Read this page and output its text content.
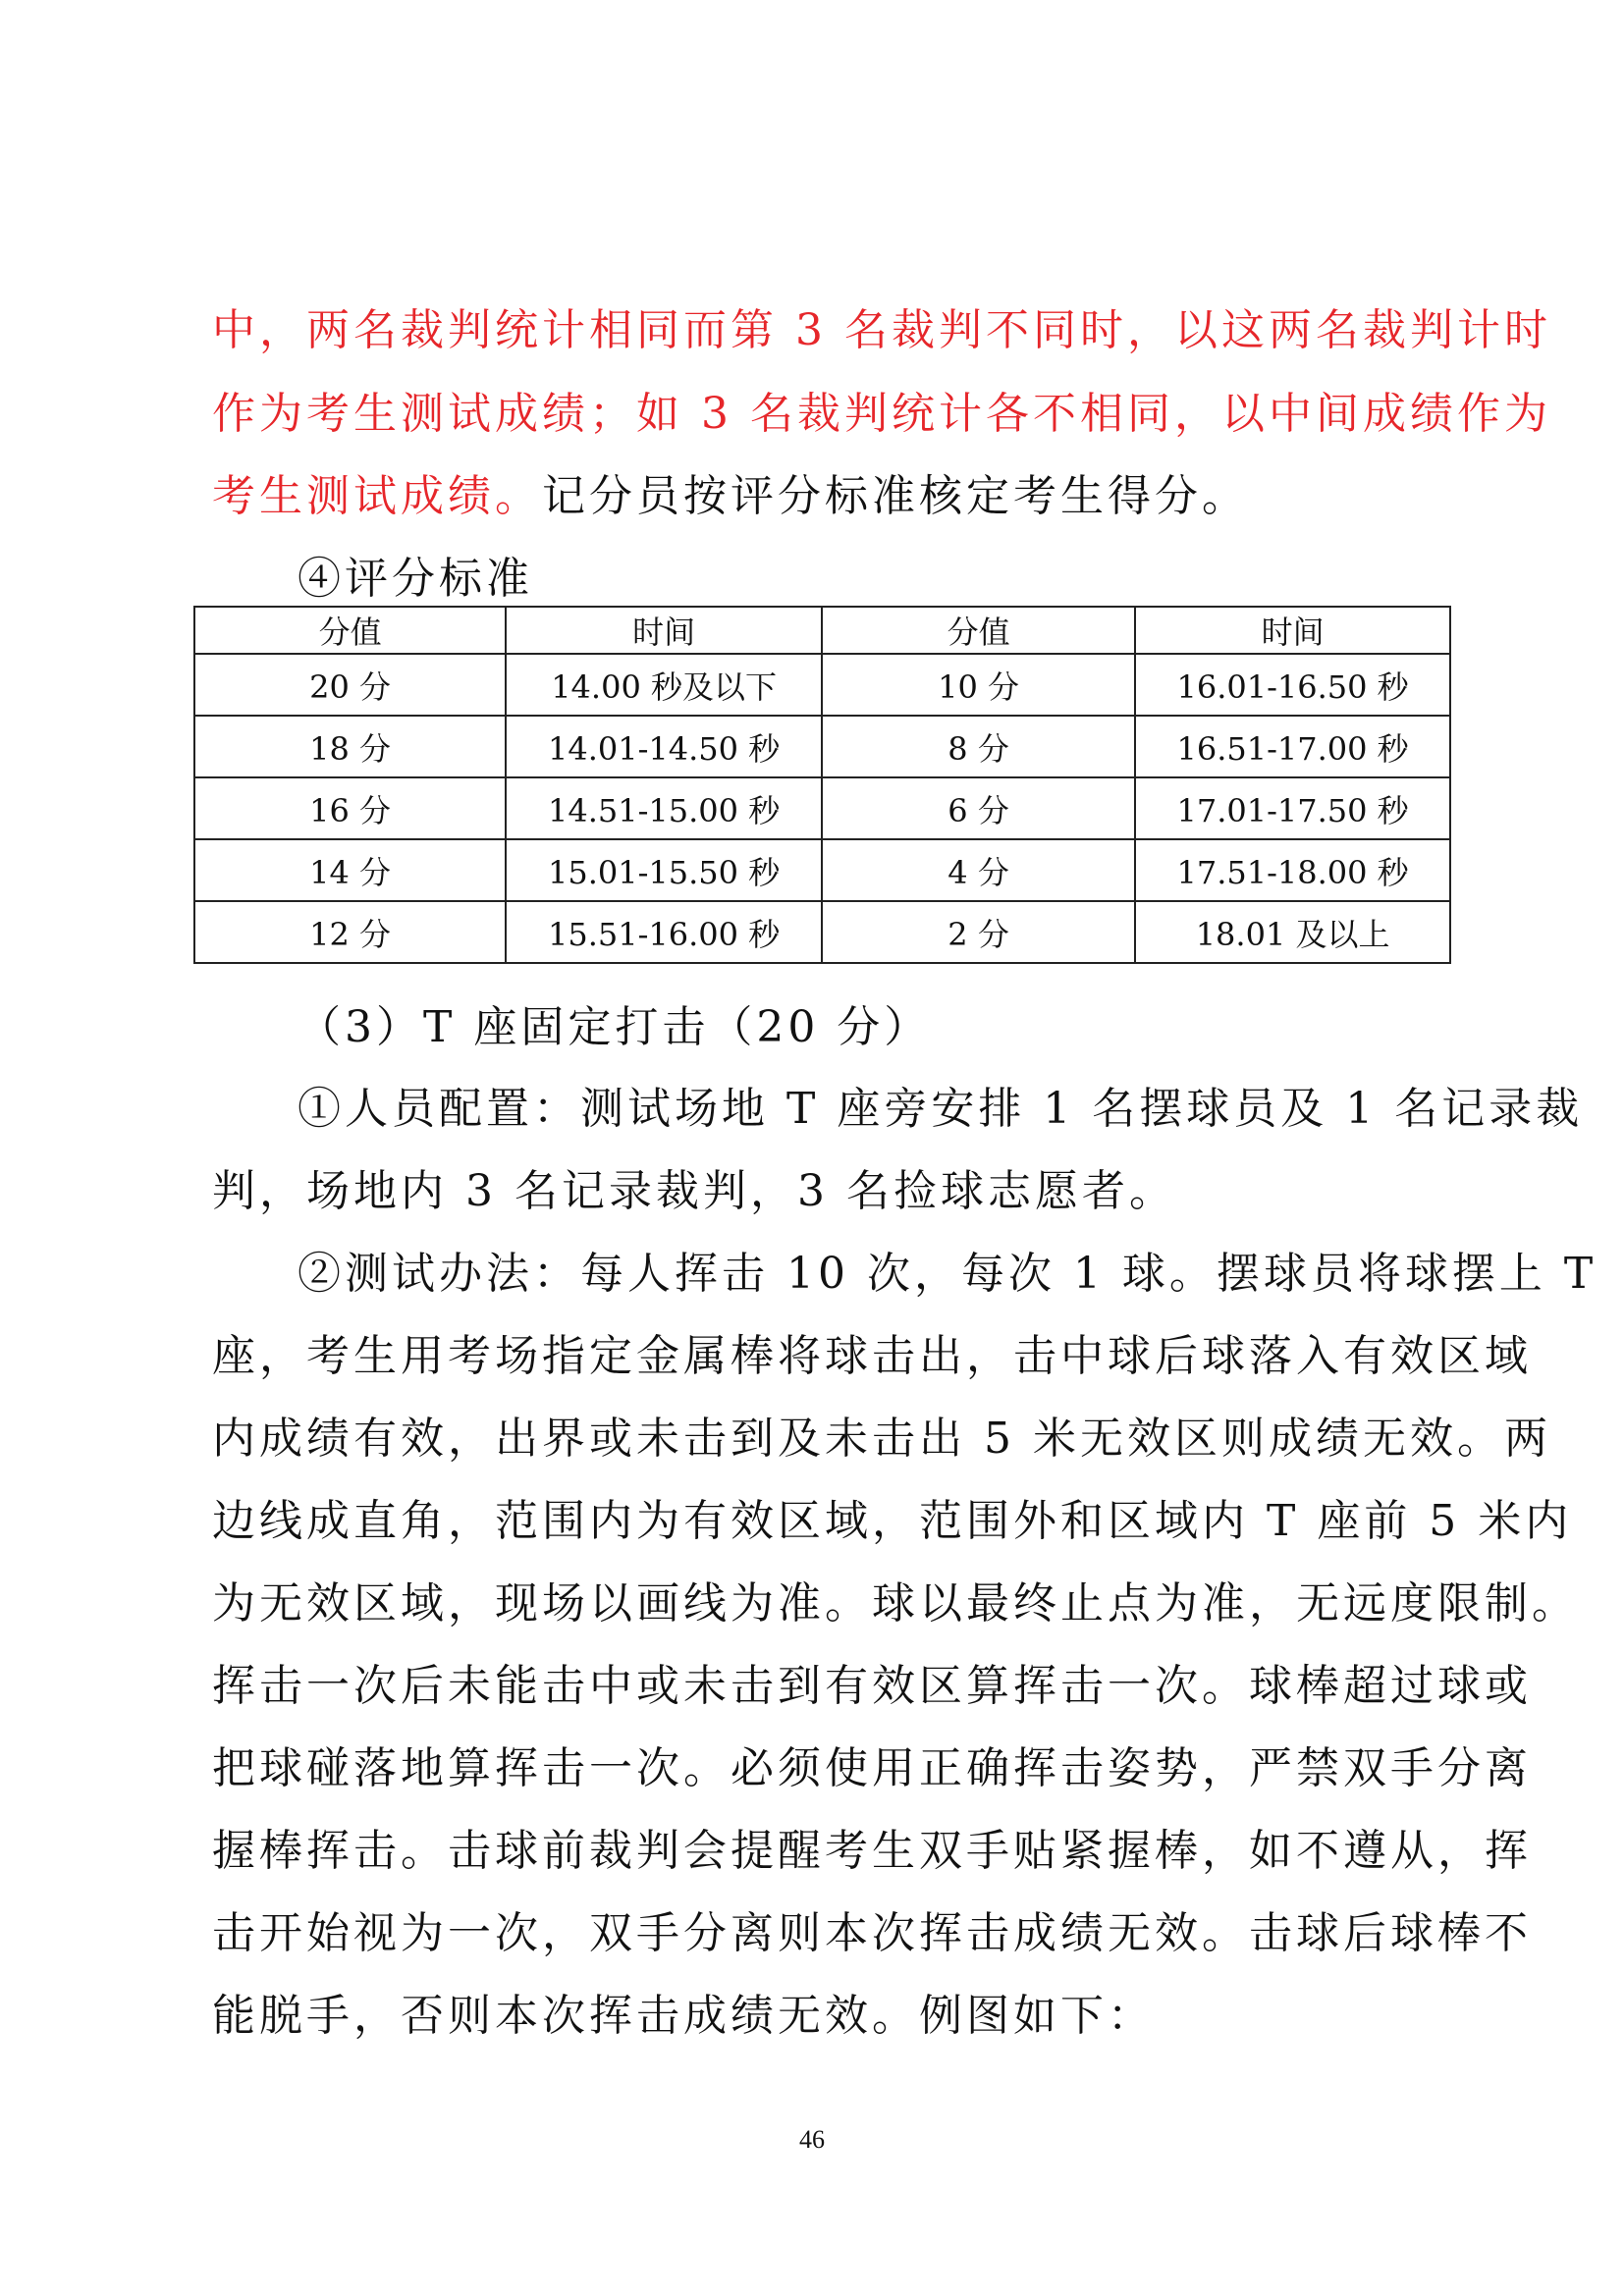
中，两名裁判统计相同而第 3 名裁判不同时，以这两名裁判计时
作为考生测试成绩；如 3 名裁判统计各不相同，以中间成绩作为
考生测试成绩。记分员按评分标准核定考生得分。
④评分标准
分值	时间	分值	时间
20 分	14.00 秒及以下	10 分	16.01-16.50 秒
18 分	14.01-14.50 秒	8 分	16.51-17.00 秒
16 分	14.51-15.00 秒	6 分	17.01-17.50 秒
14 分	15.01-15.50 秒	4 分	17.51-18.00 秒
12 分	15.51-16.00 秒	2 分	18.01 及以上
（3）T 座固定打击（20 分）
①人员配置：测试场地 T 座旁安排 1 名摆球员及 1 名记录裁
判，场地内 3 名记录裁判，3 名捡球志愿者。
②测试办法：每人挥击 10 次，每次 1 球。摆球员将球摆上 T
座，考生用考场指定金属棒将球击出，击中球后球落入有效区域
内成绩有效，出界或未击到及未击出 5 米无效区则成绩无效。两
边线成直角，范围内为有效区域，范围外和区域内 T 座前 5 米内
为无效区域，现场以画线为准。球以最终止点为准，无远度限制。
挥击一次后未能击中或未击到有效区算挥击一次。球棒超过球或
把球碰落地算挥击一次。必须使用正确挥击姿势，严禁双手分离
握棒挥击。击球前裁判会提醒考生双手贴紧握棒，如不遵从，挥
击开始视为一次，双手分离则本次挥击成绩无效。击球后球棒不
能脱手，否则本次挥击成绩无效。例图如下：
46
